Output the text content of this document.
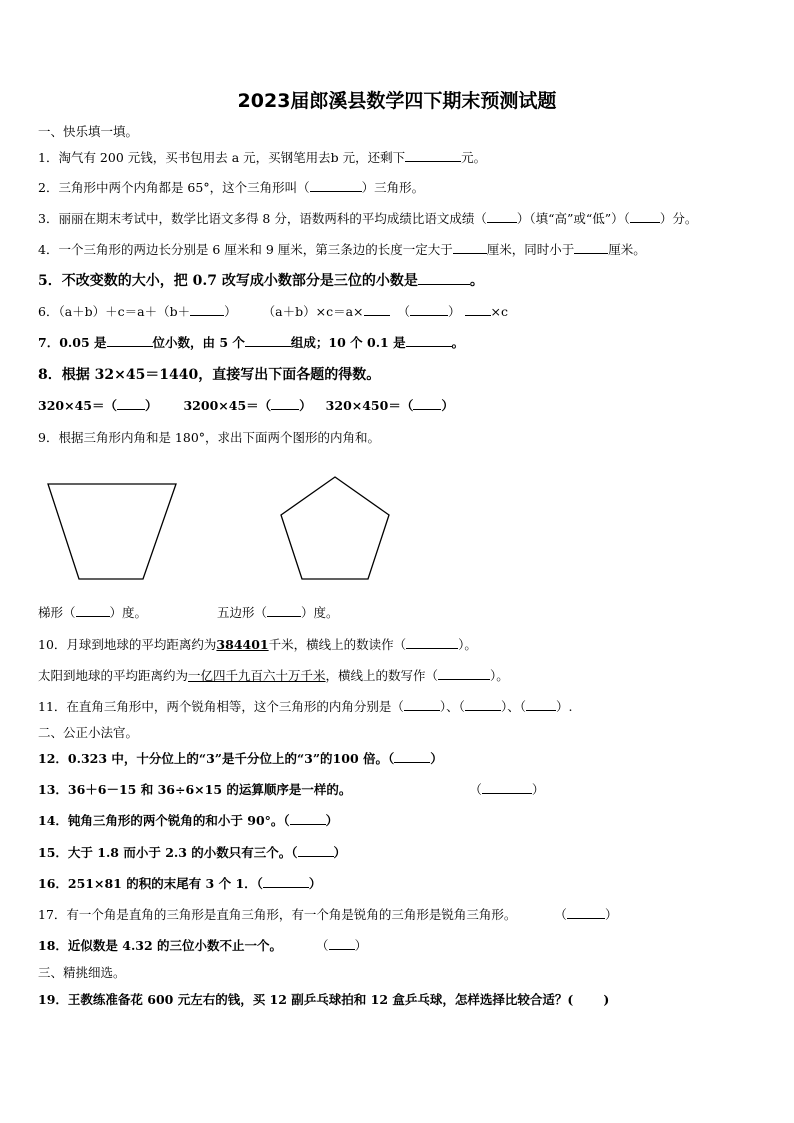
2023届郎溪县数学四下期末预测试题
一、快乐填一填。
1．淘气有 200 元钱，买书包用去 a 元，买钢笔用去b 元，还剩下	元。
2．三角形中两个内角都是 65°，这个三角形叫（	）三角形。
3．丽丽在期末考试中，数学比语文多得 8 分，语数两科的平均成绩比语文成绩（ ）（填“高”或“低”）（ ）分。
4．一个三角形的两边长分别是 6 厘米和 9 厘米，第三条边的长度一定大于	厘米，同时小于	厘米。
5．不改变数的大小，把 0.7 改写成小数部分是三位的小数是	。
6．（a＋b）＋c＝a＋（b＋	） （a＋b）×c＝a×	（	） ×c
7．0.05 是	位小数，由 5 个	组成；10 个 0.1 是	。
8．根据 32×45＝1440，直接写出下面各题的得数。
320×45＝（ ） 3200×45＝（ ） 320×450＝（ ）
9．根据三角形内角和是 180°，求出下面两个图形的内角和。
梯形（	）度。	五边形（	）度。
10．月球到地球的平均距离约为384401千米，横线上的数读作（	）。
太阳到地球的平均距离约为一亿四千九百六十万千米，横线上的数写作（	）。
11．在直角三角形中，两个锐角相等，这个三角形的内角分别是（	）、（	）、（ ）.
二、公正小法官。
12．0.323 中，十分位上的“3”是千分位上的“3”的100 倍。（	）
13．36＋6－15 和 36÷6×15 的运算顺序是一样的。	（	）
14．钝角三角形的两个锐角的和小于 90°。（	）
15．大于 1.8 而小于 2.3 的小数只有三个。（	）
16．251×81 的积的末尾有 3 个 1．（	）
17．有一个角是直角的三角形是直角三角形，有一个角是锐角的三角形是锐角三角形。	（	）
18．近似数是 4.32 的三位小数不止一个。	（ ）
三、精挑细选。
19．王教练准备花 600 元左右的钱，买 12 副乒乓球拍和 12 盒乒乓球，怎样选择比较合适？( )
